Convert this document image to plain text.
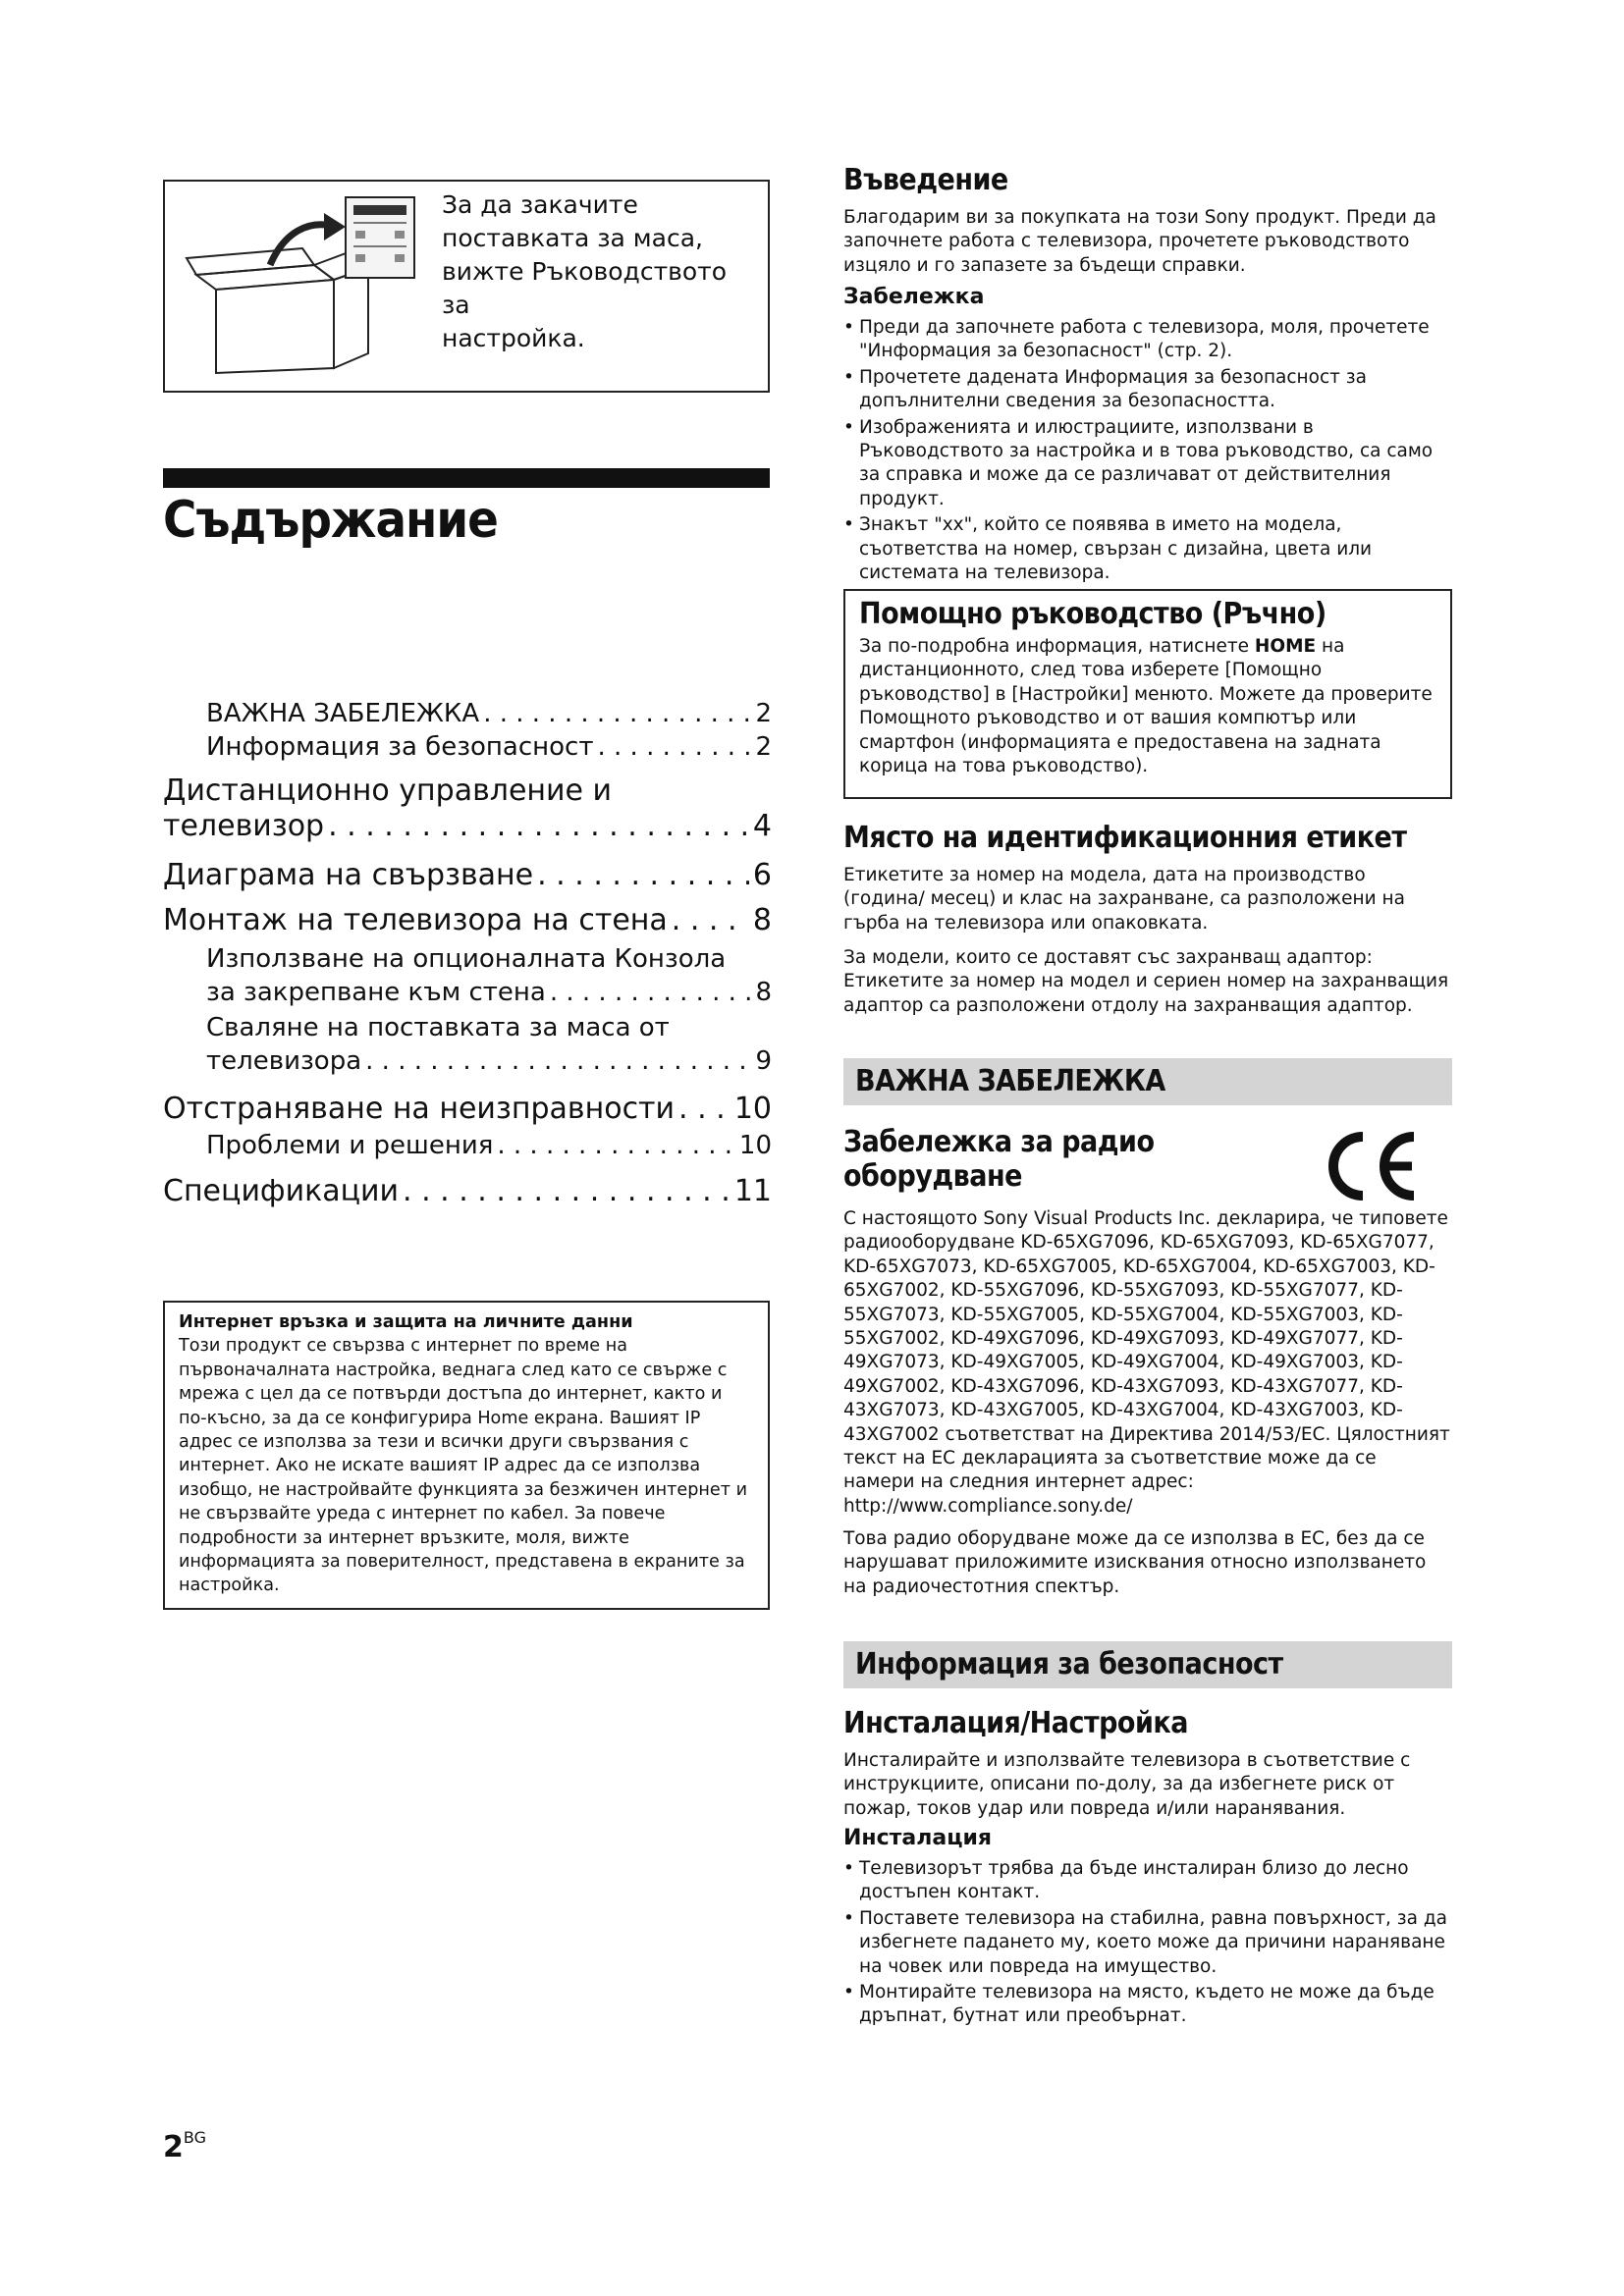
За да закачите
поставката за маса,
вижте Ръководството за
настройка.
Съдържание
ВАЖНА ЗАБЕЛЕЖКА . . .	2
Информация за безопасност . . .	2
Дистанционно управление и
телевизор . . .	4
Диаграма на свързване . . .	6
Монтаж на телевизора на стена . . .	8
Използване на опционалната Конзола
за закрепване към стена . . .	8
Сваляне на поставката за маса от
телевизора . . .	9
Отстраняване на неизправности . . . 10
Проблеми и решения . . .	10
Спецификации . . .	11
Интернет връзка и защита на личните данни
Този продукт се свързва с интернет по време на първоначалната настройка, веднага след като се свърже с мрежа с цел да се потвърди достъпа до интернет, както и по-късно, за да се конфигурира Home екрана. Вашият IP адрес се използва за тези и всички други свързвания с интернет. Ако не искате вашият IP адрес да се използва изобщо, не настройвайте функцията за безжичен интернет и не свързвайте уреда с интернет по кабел. За повече подробности за интернет връзките, моля, вижте информацията за поверителност, представена в екраните за настройка.
Въведение
Благодарим ви за покупката на този Sony продукт. Преди да започнете работа с телевизора, прочетете ръководството изцяло и го запазете за бъдещи справки.
Забележка
• Преди да започнете работа с телевизора, моля, прочетете "Информация за безопасност" (стр. 2).
• Прочетете дадената Информация за безопасност за допълнителни сведения за безопасността.
• Изображенията и илюстрациите, използвани в Ръководството за настройка и в това ръководство, са само за справка и може да се различават от действителния продукт.
• Знакът "xx", който се появява в името на модела, съответства на номер, свързан с дизайна, цвета или системата на телевизора.
Помощно ръководство (Ръчно)
За по-подробна информация, натиснете HOME на дистанционното, след това изберете [Помощно ръководство] в [Настройки] менюто. Можете да проверите Помощното ръководство и от вашия компютър или смартфон (информацията е предоставена на задната корица на това ръководство).
Място на идентификационния етикет
Етикетите за номер на модела, дата на производство (година/ месец) и клас на захранване, са разположени на гърба на телевизора или опаковката.
За модели, които се доставят със захранващ адаптор: Етикетите за номер на модел и сериен номер на захранващия адаптор са разположени отдолу на захранващия адаптор.
ВАЖНА ЗАБЕЛЕЖКА
Забележка за радио оборудване
С настоящото Sony Visual Products Inc. декларира, че типовете радиооборудване KD-65XG7096, KD-65XG7093, KD-65XG7077, KD-65XG7073, KD-65XG7005, KD-65XG7004, KD-65XG7003, KD-65XG7002, KD-55XG7096, KD-55XG7093, KD-55XG7077, KD-55XG7073, KD-55XG7005, KD-55XG7004, KD-55XG7003, KD-55XG7002, KD-49XG7096, KD-49XG7093, KD-49XG7077, KD-49XG7073, KD-49XG7005, KD-49XG7004, KD-49XG7003, KD-49XG7002, KD-43XG7096, KD-43XG7093, KD-43XG7077, KD-43XG7073, KD-43XG7005, KD-43XG7004, KD-43XG7003, KD-43XG7002 съответстват на Директива 2014/53/ЕС. Цялостният текст на ЕС декларацията за съответствие може да се намери на следния интернет адрес: http://www.compliance.sony.de/
Това радио оборудване може да се използва в ЕС, без да се нарушават приложимите изисквания относно използването на радиочестотния спектър.
Информация за безопасност
Инсталация/Настройка
Инсталирайте и използвайте телевизора в съответствие с инструкциите, описани по-долу, за да избегнете риск от пожар, токов удар или повреда и/или наранявания.
Инсталация
• Телевизорът трябва да бъде инсталиран близо до лесно достъпен контакт.
• Поставете телевизора на стабилна, равна повърхност, за да избегнете падането му, което може да причини нараняване на човек или повреда на имущество.
• Монтирайте телевизора на място, където не може да бъде дръпнат, бутнат или преобърнат.
$2^{BG}$
